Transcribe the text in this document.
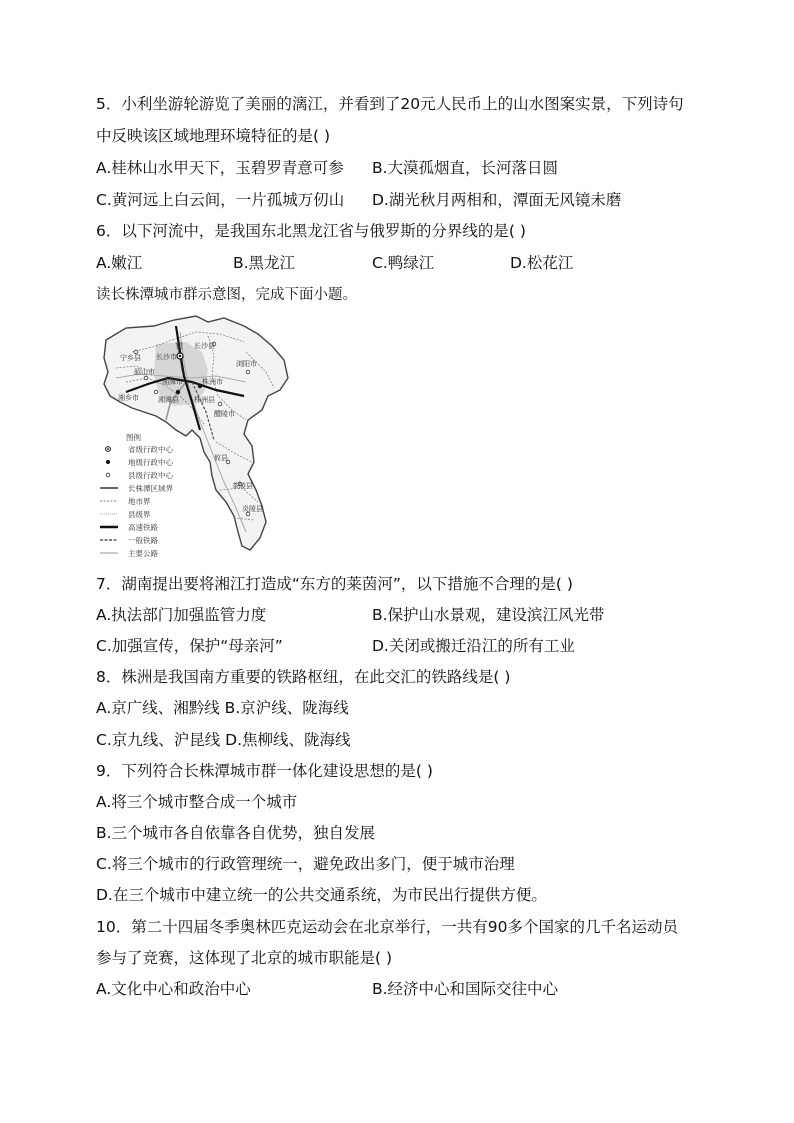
5．小利坐游轮游览了美丽的漓江，并看到了20元人民币上的山水图案实景，下列诗句
中反映该区域地理环境特征的是( )
A.桂林山水甲天下，玉碧罗青意可参 B.大漠孤烟直，长河落日圆
C.黄河远上白云间，一片孤城万仞山 D.湖光秋月两相和，潭面无风镜未磨
6．以下河流中，是我国东北黑龙江省与俄罗斯的分界线的是( )
A.嫩江	B.黑龙江	C.鸭绿江	D.松花江
读长株潭城市群示意图，完成下面小题。
望 长沙县
宁乡县 长沙市
浏阳市
韶山市
湘潭市	株洲市
湘乡市	湘潭县 株洲县
醴陵市
攸县
茶陵县
炎陵县
图例
省级行政中心
地级行政中心
县级行政中心
长株潭区域界
地市界
县级界
高速铁路
一般铁路
主要公路
7．湖南提出要将湘江打造成“东方的莱茵河”，以下措施不合理的是( )
A.执法部门加强监管力度	B.保护山水景观，建设滨江风光带
C.加强宣传，保护“母亲河”	D.关闭或搬迁沿江的所有工业
8．株洲是我国南方重要的铁路枢纽，在此交汇的铁路线是( )
A.京广线、湘黔线 B.京沪线、陇海线
C.京九线、沪昆线 D.焦柳线、陇海线
9．下列符合长株潭城市群一体化建设思想的是( )
A.将三个城市整合成一个城市
B.三个城市各自依靠各自优势，独自发展
C.将三个城市的行政管理统一，避免政出多门，便于城市治理
D.在三个城市中建立统一的公共交通系统，为市民出行提供方便。
10．第二十四届冬季奥林匹克运动会在北京举行，一共有90多个国家的几千名运动员
参与了竞赛，这体现了北京的城市职能是( )
A.文化中心和政治中心	B.经济中心和国际交往中心
